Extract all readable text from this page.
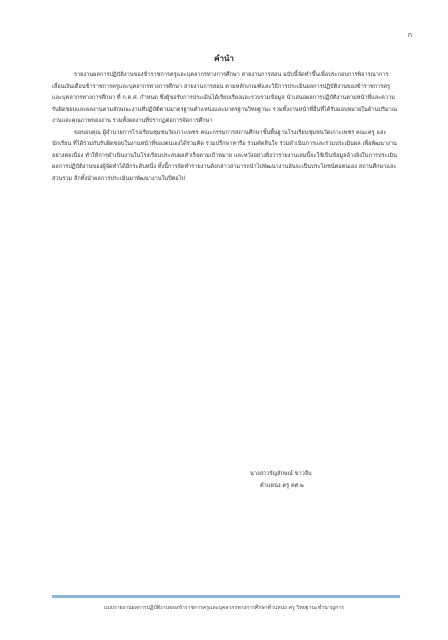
ก
คำนำ

รายงานผลการปฏิบัติงานของข้าราชการครูและบุคลากรทางการศึกษา สายงานการสอน ฉบับนี้จัดทำขึ้นเพื่อประกอบการพิจารณาการเลื่อนเงินเดือนข้าราชการครูและบุคลากรทางการศึกษา สายงานการสอน ตามหลักเกณฑ์และวิธีการประเมินผลการปฏิบัติงานของข้าราชการครูและบุคลากรทางการศึกษา ที่ ก.ค.ศ. กำหนด ซึ่งผู้ขอรับการประเมินได้เรียบเรียงและรวบรวมข้อมูล นำเสนอผลการปฏิบัติงานตามหน้าที่และความรับผิดชอบและผลงานตามลักษณะงานที่ปฏิบัติตามมาตรฐานตำแหน่งและมาตรฐานวิทยฐานะ รวมทั้งงานหน้าที่อื่นที่ได้รับมอบหมายในด้านปริมาณงานและคุณภาพของงาน รวมทั้งผลงานที่ปรากฏต่อการจัดการศึกษา

ขอขอบคุณ ผู้อำนวยการโรงเรียนชุมชนวัดเกาะเพชร คณะกรรมการสถานศึกษาขั้นพื้นฐานโรงเรียนชุมชนวัดเกาะเพชร คณะครู และนักเรียน ที่ได้ร่วมกันรับผิดชอบในงานหน้าที่ของตนเองได้ร่วมคิด ร่วมปรึกษาหารือ ร่วมตัดสินใจ ร่วมดำเนินการและร่วมประเมินผล เพื่อพัฒนางานอย่างต่อเนื่อง ทำให้การดำเนินงานในโรงเรียนประสบผลสำเร็จตามเป้าหมาย และหวังอย่างยิ่งว่ารายงานเล่มนี้จะใช้เป็นข้อมูลอ้างอิงในการประเมินผลการปฏิบัติงานของผู้จัดทำได้อีกระดับหนึ่ง ทั้งนี้การจัดทำรายงานดังกล่าวสามารถนำไปพัฒนางานอันจะเป็นประโยชน์ต่อตนเอง สถานศึกษาและส่วนรวม อีกทั้งนำผลการประเมินมาพัฒนางานในปีต่อไป

นางสาวรัญลักษณ์ ขาวจีบ
ตำแหน่ง ครู คศ.๒
แบบรายงานผลการปฏิบัติงานของข้าราชการครูและบุคลากรทางการศึกษาตำแหน่ง ครู วิทยฐานะชำนาญการ
